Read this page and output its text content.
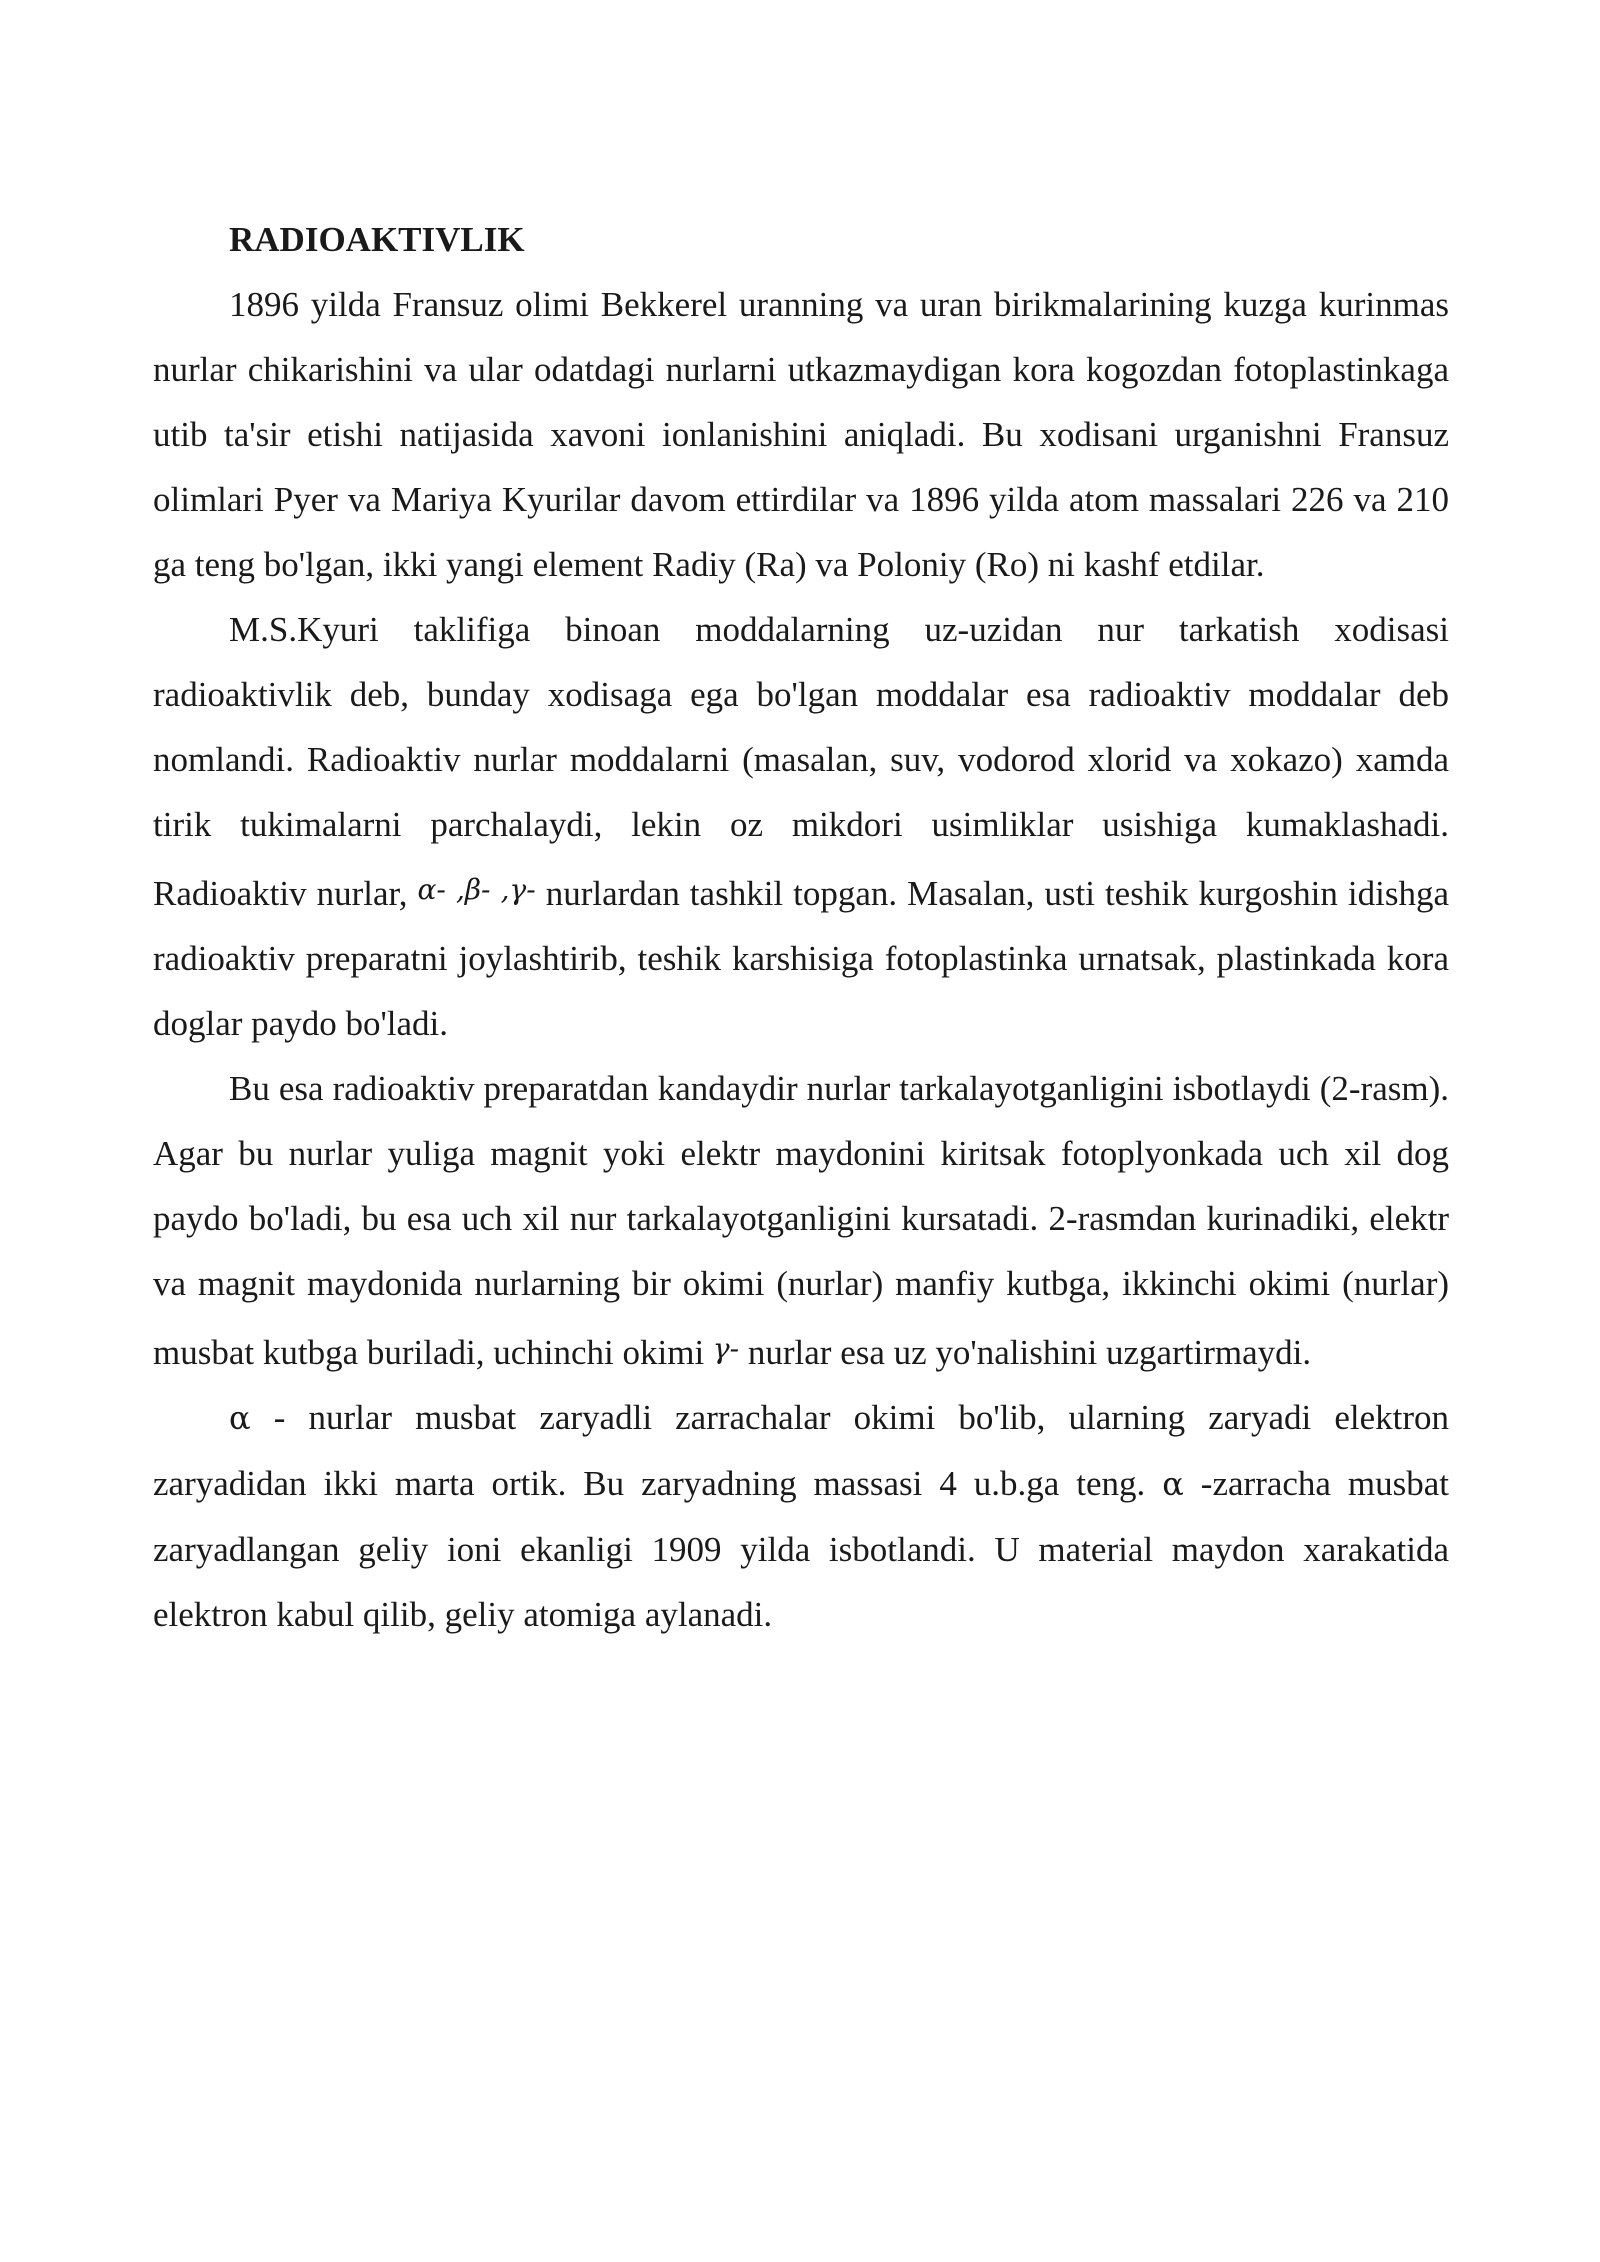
RADIOAKTIVLIK

1896 yilda Fransuz olimi Bekkerel uranning va uran birikmalarining kuzga kurinmas nurlar chikarishini va ular odatdagi nurlarni utkazmaydigan kora kogozdan fotoplastinkaga utib ta'sir etishi natijasida xavoni ionlanishini aniqladi. Bu xodisani urganishni Fransuz olimlari Pyer va Mariya Kyurilar davom ettirdilar va 1896 yilda atom massalari 226 va 210 ga teng bo'lgan, ikki yangi element Radiy (Ra) va Poloniy (Ro) ni kashf etdilar.

M.S.Kyuri taklifiga binoan moddalarning uz-uzidan nur tarkatish xodisasi radioaktivlik deb, bunday xodisaga ega bo'lgan moddalar esa radioaktiv moddalar deb nomlandi. Radioaktiv nurlar moddalarni (masalan, suv, vodorod xlorid va xokazo) xamda tirik tukimalarni parchalaydi, lekin oz mikdori usimliklar usishiga kumaklashadi. Radioaktiv nurlar, α- ,β- ,γ- nurlardan tashkil topgan. Masalan, usti teshik kurgoshin idishga radioaktiv preparatni joylashtirib, teshik karshisiga fotoplastinka urnatsak, plastinkada kora doglar paydo bo'ladi.

Bu esa radioaktiv preparatdan kandaydir nurlar tarkalayotganligini isbotlaydi (2-rasm). Agar bu nurlar yuliga magnit yoki elektr maydonini kiritsak fotoplyonkada uch xil dog paydo bo'ladi, bu esa uch xil nur tarkalayotganligini kursatadi. 2-rasmdan kurinadiki, elektr va magnit maydonida nurlarning bir okimi (nurlar) manfiy kutbga, ikkinchi okimi (nurlar) musbat kutbga buriladi, uchinchi okimi γ- nurlar esa uz yo'nalishini uzgartirmaydi.

α - nurlar musbat zaryadli zarrachalar okimi bo'lib, ularning zaryadi elektron zaryadidan ikki marta ortik. Bu zaryadning massasi 4 u.b.ga teng. α -zarracha musbat zaryadlangan geliy ioni ekanligi 1909 yilda isbotlandi. U material maydon xarakatida elektron kabul qilib, geliy atomiga aylanadi.
